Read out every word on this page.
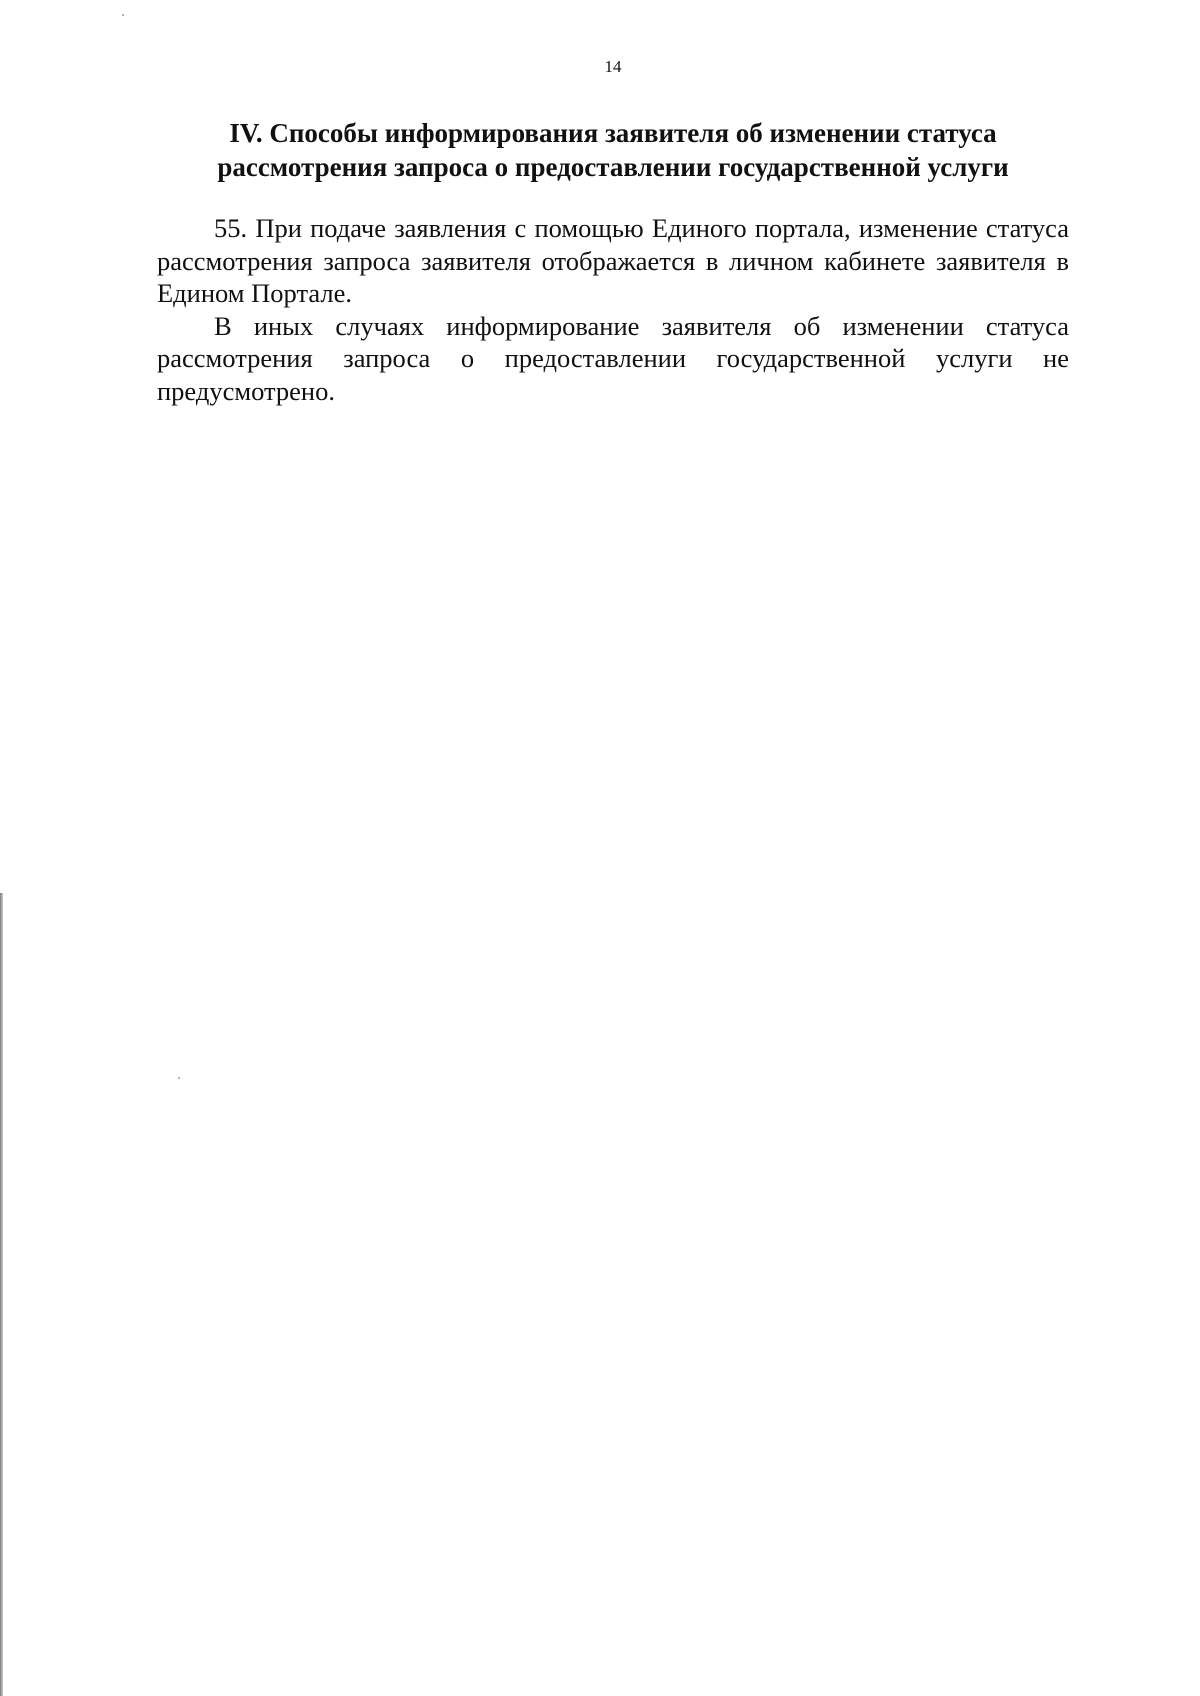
14
IV. Способы информирования заявителя об изменении статуса
рассмотрения запроса о предоставлении государственной услуги

55. При подаче заявления с помощью Единого портала, изменение статуса рассмотрения запроса заявителя отображается в личном кабинете заявителя в Едином Портале.

В иных случаях информирование заявителя об изменении статуса рассмотрения запроса о предоставлении государственной услуги не предусмотрено.
